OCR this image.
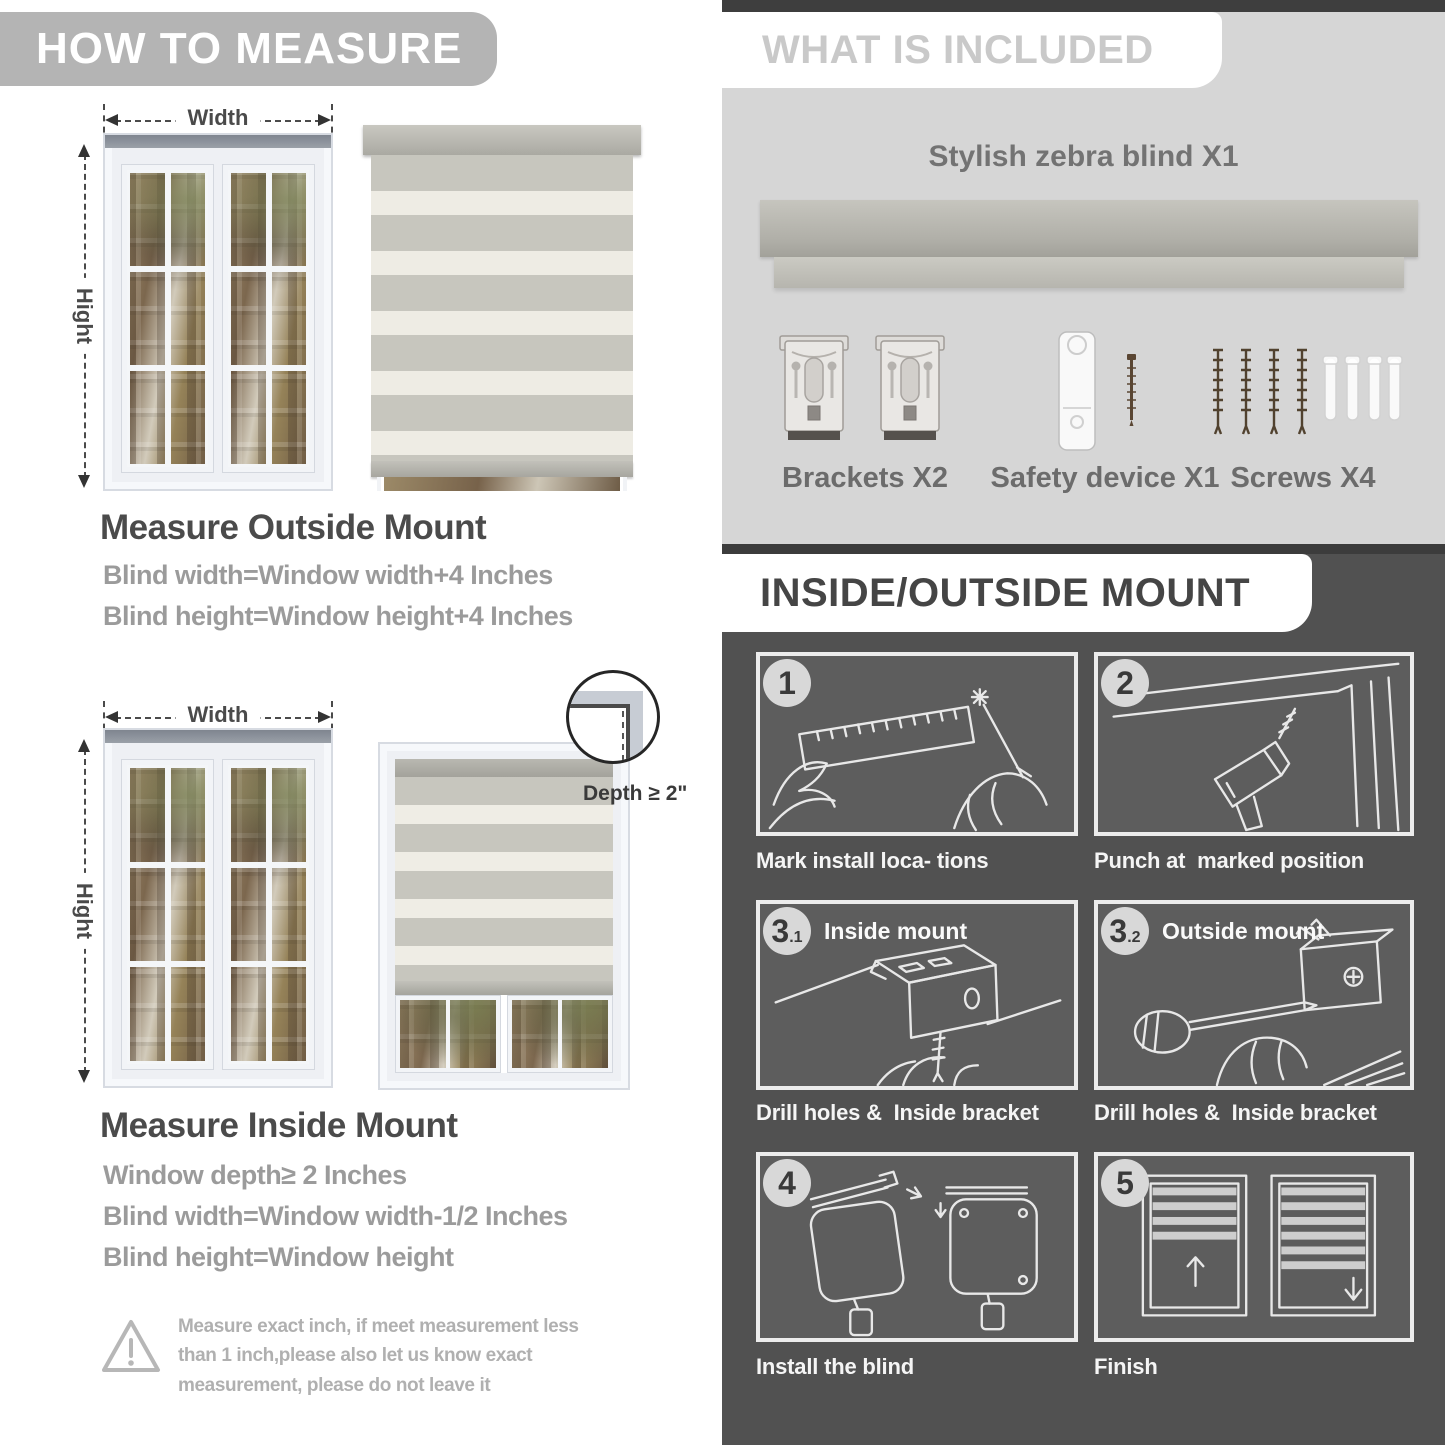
HOW TO MEASURE
Width
Hight
Measure Outside Mount

Blind width=Window width+4 Inches

Blind height=Window height+4 Inches

Width
Hight
Depth ≥ 2"
Measure Inside Mount

Window depth≥ 2 Inches

Blind width=Window width-1/2 Inches

Blind height=Window height

Measure exact inch, if meet measurement less than 1 inch,please also let us know exact measurement, please do not leave it

WHAT IS INCLUDED
Stylish zebra blind X1
Brackets X2	Safety device X1 Screws X4
INSIDE/OUTSIDE MOUNT
1
Mark install loca- tions
2
Punch at  marked position
3 .1 Inside mount
Drill holes &  Inside bracket
3 .2 Outside mount
Drill holes &  Inside bracket
4
Install the blind
5
Finish
